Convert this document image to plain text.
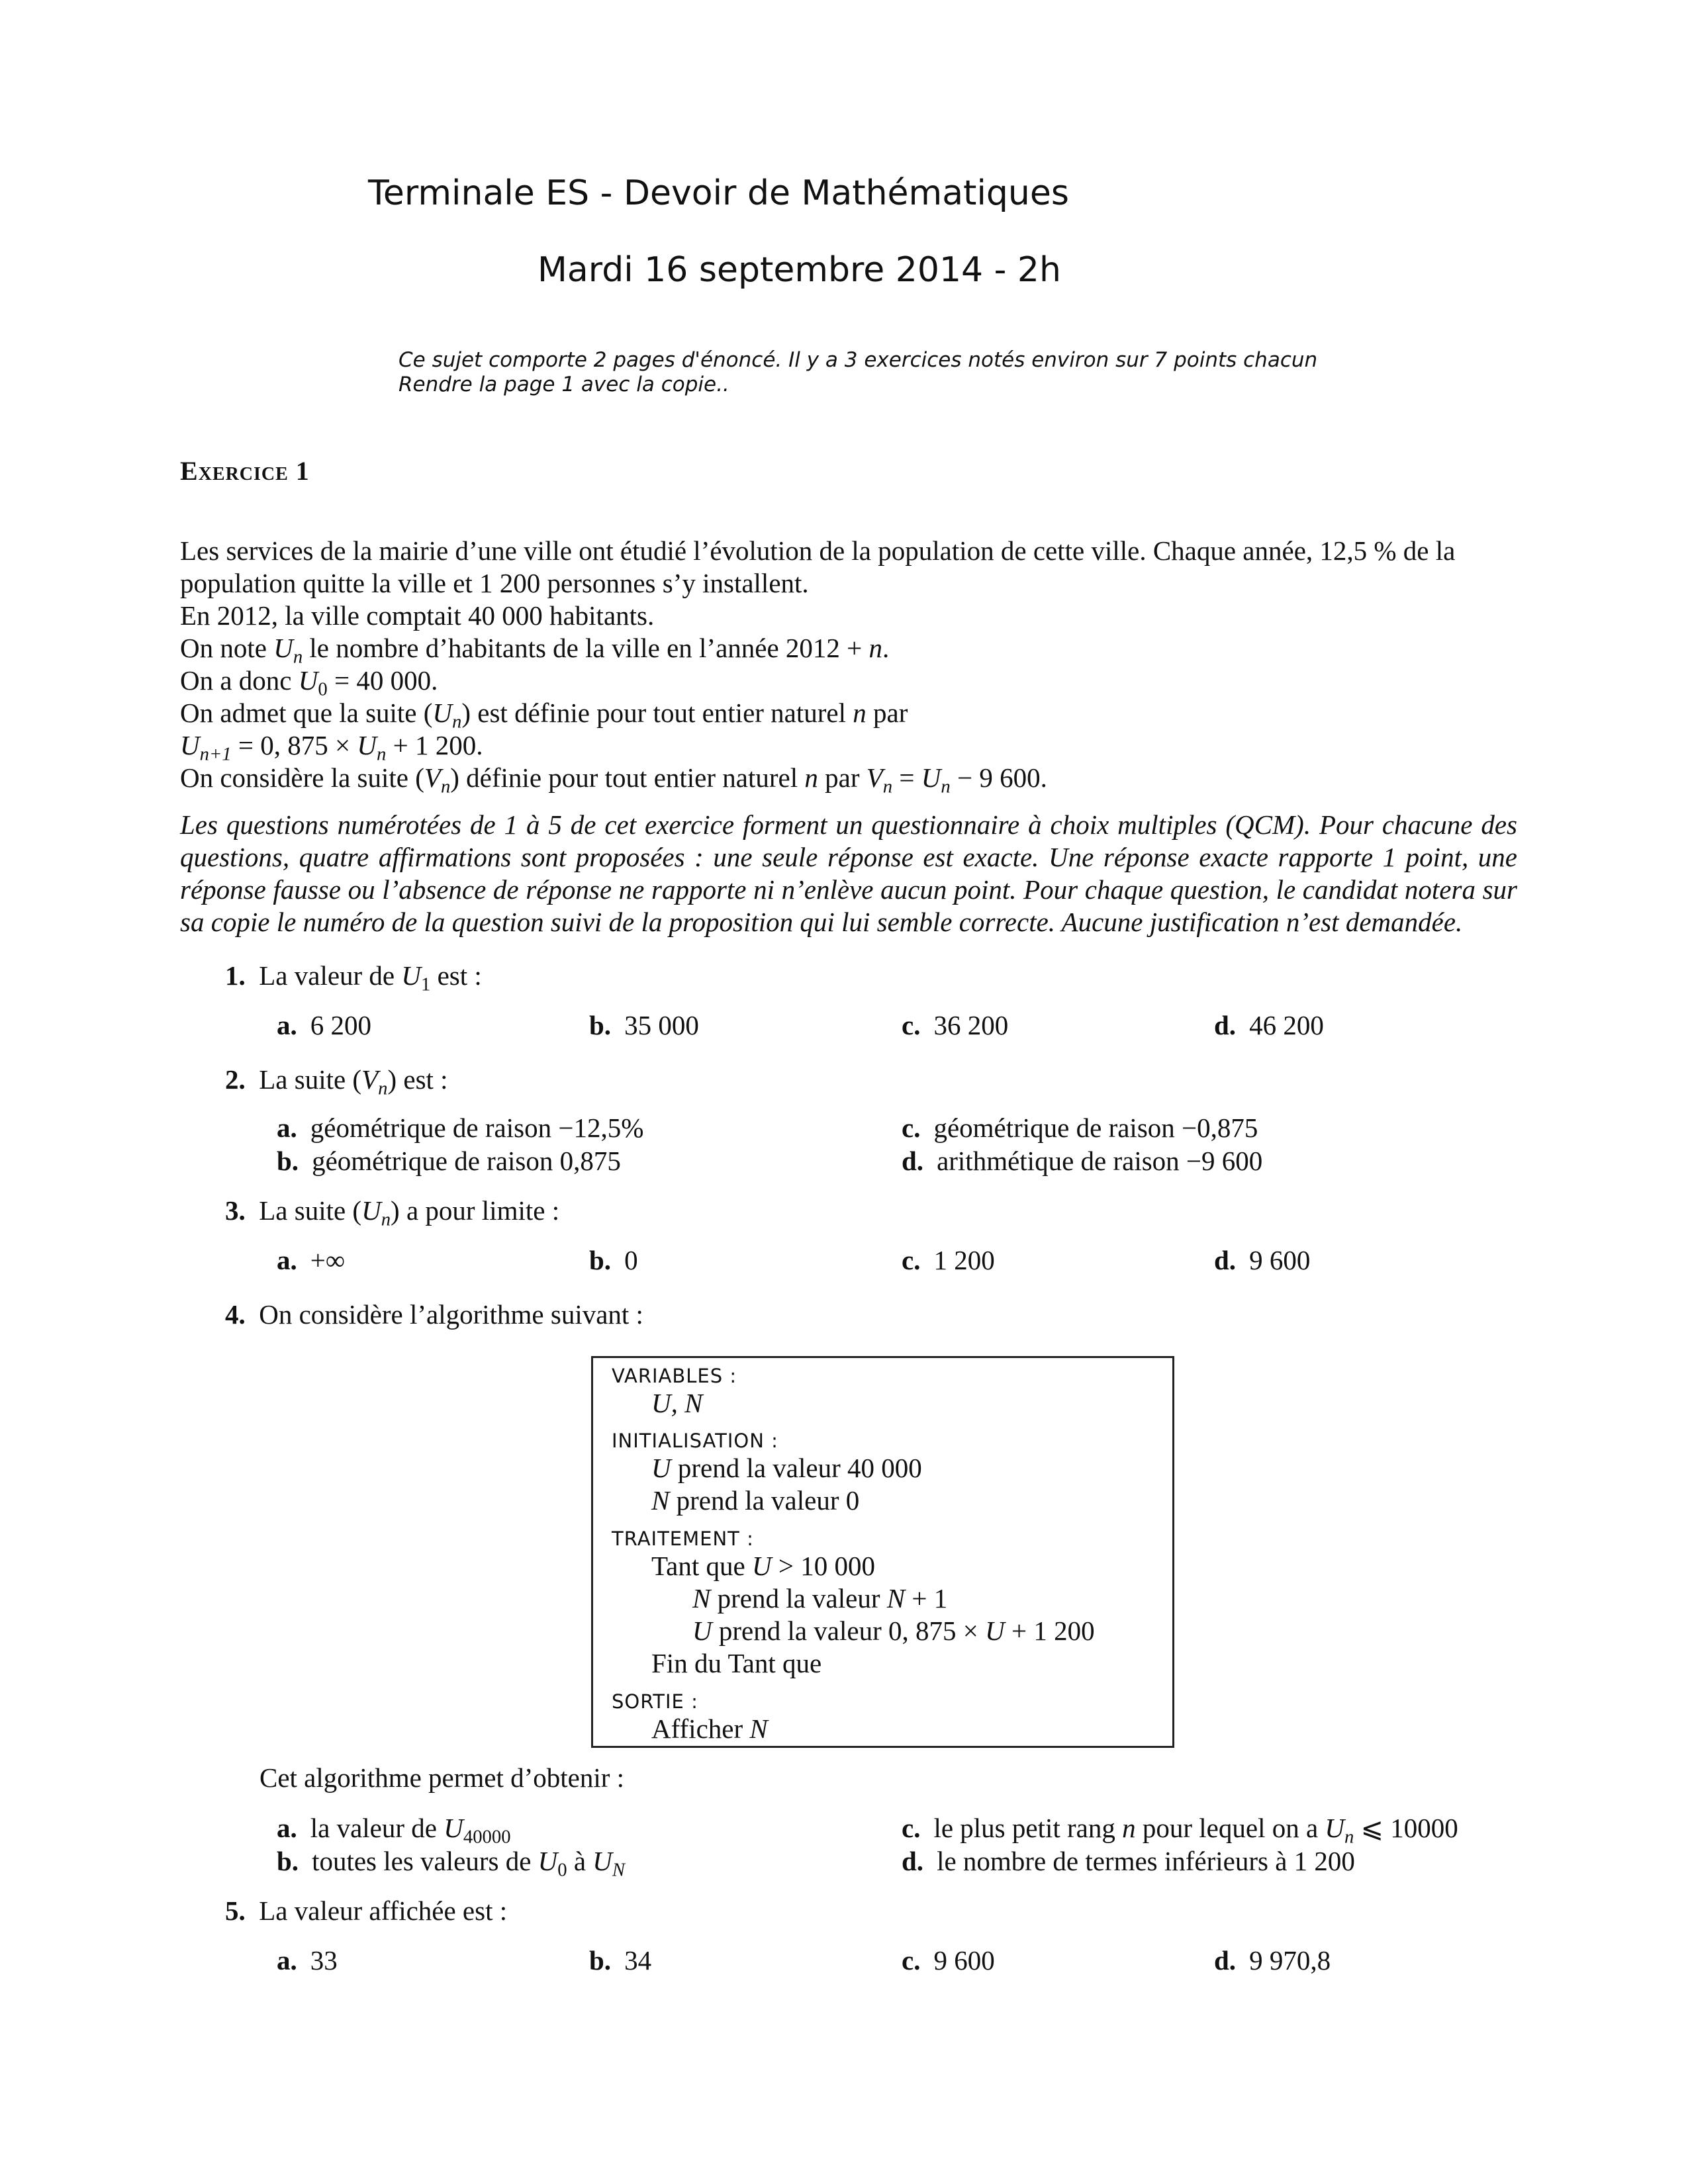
Terminale ES - Devoir de Mathématiques
Mardi 16 septembre 2014 - 2h
Ce sujet comporte 2 pages d'énoncé. Il y a 3 exercices notés environ sur 7 points chacun
Rendre la page 1 avec la copie..
Exercice 1
Les services de la mairie d’une ville ont étudié l’évolution de la population de cette ville. Chaque année, 12,5 % de la
population quitte la ville et 1 200 personnes s’y installent.
En 2012, la ville comptait 40 000 habitants.
On note $U_n$ le nombre d’habitants de la ville en l’année 2012 + n.
On a donc $U_0 = 40$ 000.
On admet que la suite $(U_n)$ est définie pour tout entier naturel n par
$U_{n+1} = 0$, $875 \times U_n + 1$ 200.
On considère la suite $(V_n)$ définie pour tout entier naturel n par $V_n = U_n - 9$ 600.
Les questions numérotées de 1 à 5 de cet exercice forment un questionnaire à choix multiples (QCM). Pour chacune des questions, quatre affirmations sont proposées : une seule réponse est exacte. Une réponse exacte rapporte 1 point, une réponse fausse ou l’absence de réponse ne rapporte ni n’enlève aucun point. Pour chaque question, le candidat notera sur sa copie le numéro de la question suivi de la proposition qui lui semble correcte. Aucune justification n’est demandée.
1. La valeur de $U_1$ est :
a. 6 200	b. 35 000	c. 36 200	d. 46 200
2. La suite $(V_n)$ est :
a. géométrique de raison −12,5%
b. géométrique de raison 0,875
c. géométrique de raison −0,875
d. arithmétique de raison −9 600
3. La suite $(U_n)$ a pour limite :
a. +∞	b. 0	c. 1 200	d. 9 600
4. On considère l’algorithme suivant :
VARIABLES :
U, N
INITIALISATION :
U prend la valeur 40 000
N prend la valeur 0
TRAITEMENT :
Tant que U > 10 000
N prend la valeur N + 1
U prend la valeur 0, 875 × U + 1 200
Fin du Tant que
SORTIE :
Afficher N
Cet algorithme permet d’obtenir :
a. la valeur de $U_{40000}$
b. toutes les valeurs de $U_0$ à $U_N$
c. le plus petit rang n pour lequel on a $U_n$ ⩽ 10000
d. le nombre de termes inférieurs à 1 200
5. La valeur affichée est :
a. 33	b. 34	c. 9 600	d. 9 970,8
